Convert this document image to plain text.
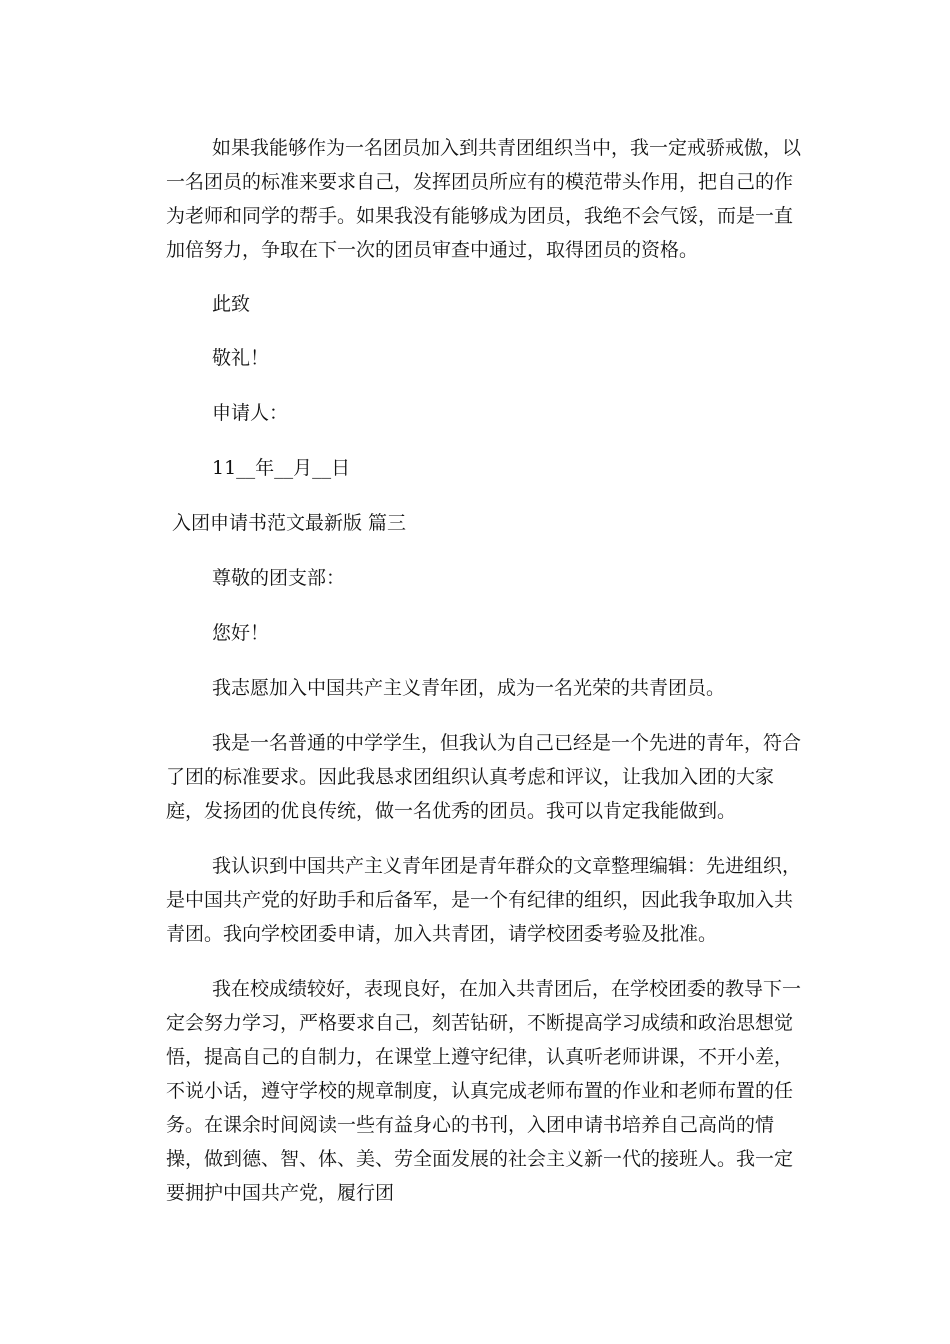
如果我能够作为一名团员加入到共青团组织当中，我一定戒骄戒傲，以一名团员的标准来要求自己，发挥团员所应有的模范带头作用，把自己的作为老师和同学的帮手。如果我没有能够成为团员，我绝不会气馁，而是一直加倍努力，争取在下一次的团员审查中通过，取得团员的资格。

此致

敬礼！

申请人：

11__年__月__日

入团申请书范文最新版 篇三

尊敬的团支部：

您好！

我志愿加入中国共产主义青年团，成为一名光荣的共青团员。

我是一名普通的中学学生，但我认为自己已经是一个先进的青年，符合了团的标准要求。因此我恳求团组织认真考虑和评议，让我加入团的大家庭，发扬团的优良传统，做一名优秀的团员。我可以肯定我能做到。

我认识到中国共产主义青年团是青年群众的文章整理编辑：先进组织，是中国共产党的好助手和后备军，是一个有纪律的组织，因此我争取加入共青团。我向学校团委申请，加入共青团，请学校团委考验及批准。

我在校成绩较好，表现良好，在加入共青团后，在学校团委的教导下一定会努力学习，严格要求自己，刻苦钻研，不断提高学习成绩和政治思想觉悟，提高自己的自制力，在课堂上遵守纪律，认真听老师讲课，不开小差，不说小话，遵守学校的规章制度，认真完成老师布置的作业和老师布置的任务。在课余时间阅读一些有益身心的书刊，入团申请书培养自己高尚的情操，做到德、智、体、美、劳全面发展的社会主义新一代的接班人。我一定要拥护中国共产党，履行团
